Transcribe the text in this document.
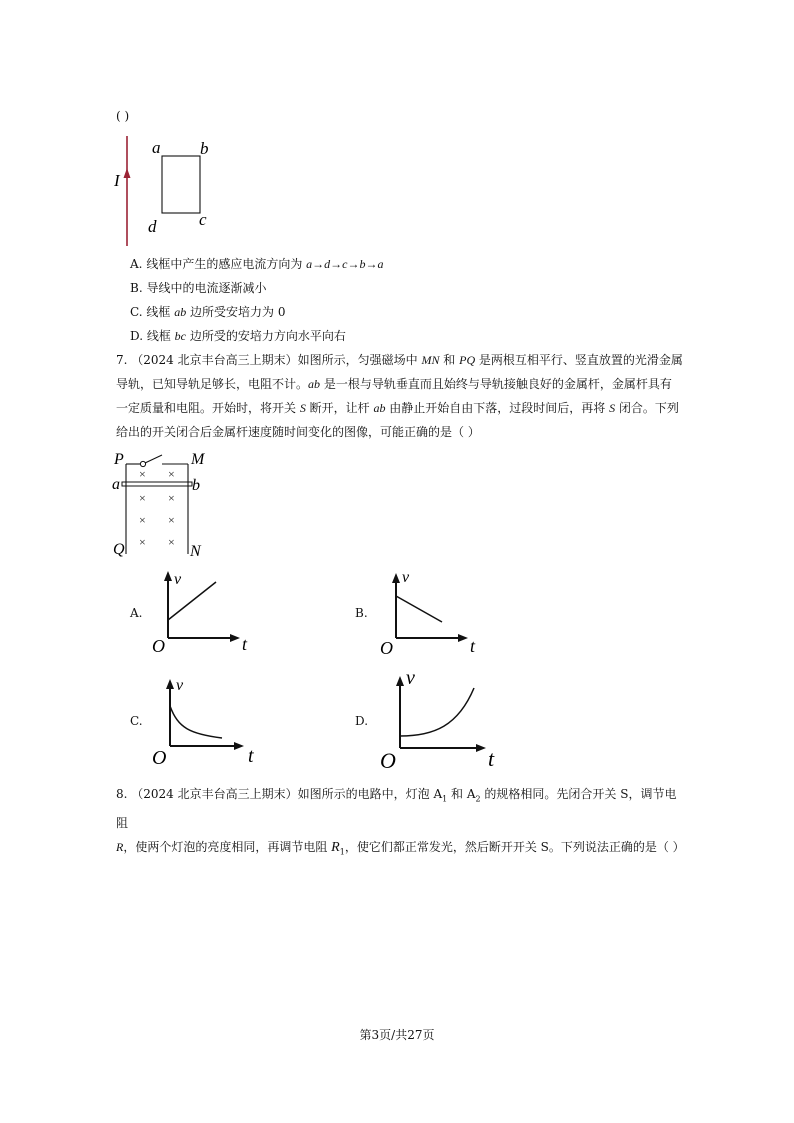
( )
I
a b
c
d
A. 线框中产生的感应电流方向为 a→d→c→b→a
B. 导线中的电流逐渐减小
C. 线框 ab 边所受安培力为 0
D. 线框 bc 边所受的安培力方向水平向右
7. （2024 北京丰台高三上期末）如图所示，匀强磁场中 MN 和 PQ 是两根互相平行、竖直放置的光滑金属
导轨，已知导轨足够长，电阻不计。ab 是一根与导轨垂直而且始终与导轨接触良好的金属杆，金属杆具有
一定质量和电阻。开始时，将开关 S 断开，让杆 ab 由静止开始自由下落，过段时间后，再将 S 闭合。下列
给出的开关闭合后金属杆速度随时间变化的图像，可能正确的是（ ）
P	M
a	b
Q	N
× ×
× ×
× ×
× ×
A.
v
O	t
B.
v
O	t
C.
v
O	t
D.
v
O	t
8. （2024 北京丰台高三上期末）如图所示的电路中，灯泡 $A_1$ 和 $A_2$ 的规格相同。先闭合开关 S，调节电阻
R，使两个灯泡的亮度相同，再调节电阻 $R_1$，使它们都正常发光，然后断开开关 S。下列说法正确的是（ ）
第3页/共27页
